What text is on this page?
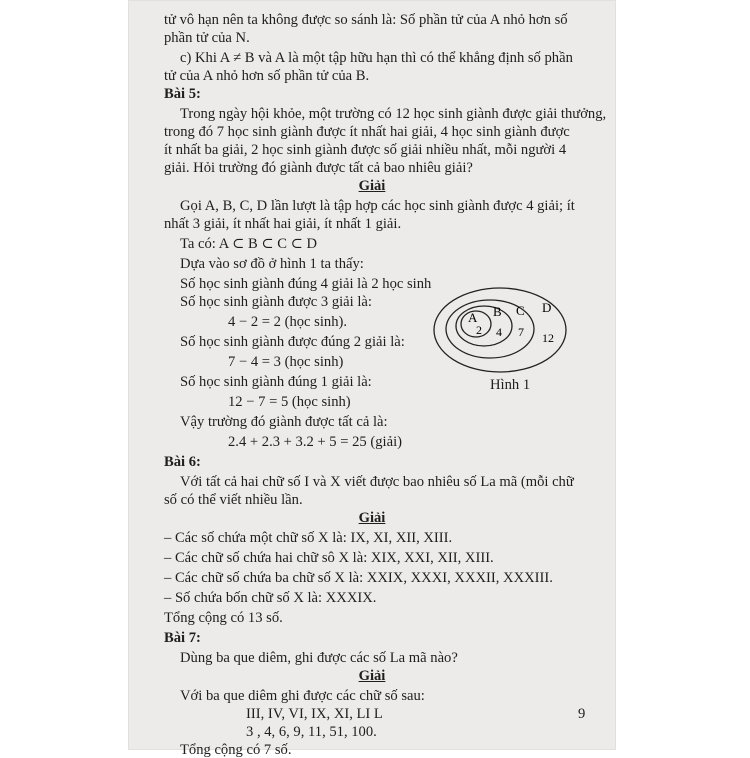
tử vô hạn nên ta không được so sánh là: Số phần tử của A nhỏ hơn số
phần tử của N.
c) Khi A ≠ B và A là một tập hữu hạn thì có thể khẳng định số phần
tử của A nhỏ hơn số phần tử của B.
Bài 5:
Trong ngày hội khỏe, một trường có 12 học sinh giành được giải thưởng,
trong đó 7 học sinh giành được ít nhất hai giải, 4 học sinh giành được
ít nhất ba giải, 2 học sinh giành được số giải nhiều nhất, mỗi người 4
giải. Hỏi trường đó giành được tất cả bao nhiêu giải?
Giải
Gọi A, B, C, D lần lượt là tập hợp các học sinh giành được 4 giải; ít
nhất 3 giải, ít nhất hai giải, ít nhất 1 giải.
Ta có: A ⊂ B ⊂ C ⊂ D
Dựa vào sơ đồ ở hình 1 ta thấy:
Số học sinh giành đúng 4 giải là 2 học sinh
Số học sinh giành được 3 giải là:
4 − 2 = 2 (học sinh).
Số học sinh giành được đúng 2 giải là:
7 − 4 = 3 (học sinh)
Số học sinh giành đúng 1 giải là:
12 − 7 = 5 (học sinh)
Vậy trường đó giành được tất cả là:
2.4 + 2.3 + 3.2 + 5 = 25 (giải)
Bài 6:
Với tất cả hai chữ số I và X viết được bao nhiêu số La mã (mỗi chữ
số có thể viết nhiều lần.
Giải
– Các số chứa một chữ số X là: IX, XI, XII, XIII.
– Các chữ số chứa hai chữ sô X là: XIX, XXI, XII, XIII.
– Các chữ số chứa ba chữ số X là: XXIX, XXXI, XXXII, XXXIII.
– Số chứa bốn chữ số X là: XXXIX.
Tổng cộng có 13 số.
Bài 7:
Dùng ba que diêm, ghi được các số La mã nào?
Giải
Với ba que diêm ghi được các chữ số sau:
III, IV, VI, IX, XI, LI L
3 , 4, 6, 9, 11, 51, 100.
Tổng cộng có 7 số.
A
2
B
4
C
7
D
12
Hình 1
9
